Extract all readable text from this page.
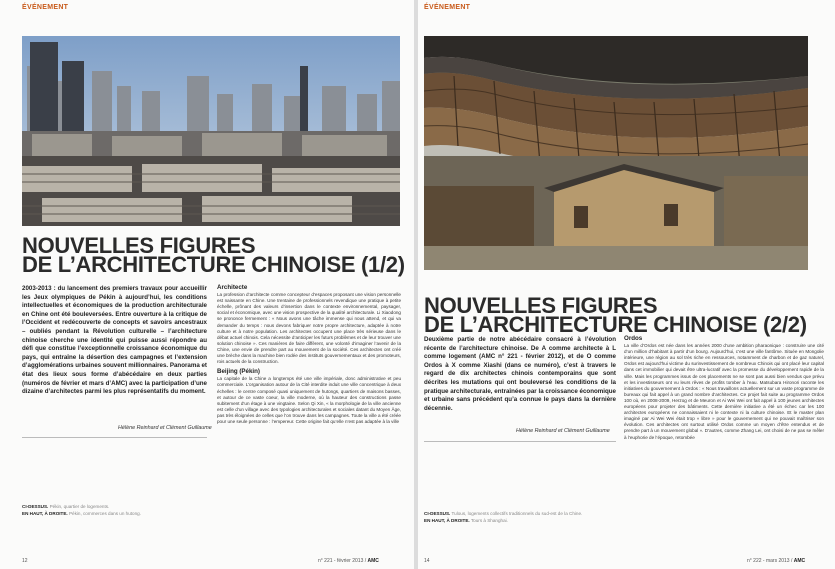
ÉVÉNEMENT
NOUVELLES FIGURES
DE L’ARCHITECTURE CHINOISE (1/2)
2003-2013 : du lancement des premiers travaux pour accueillir les Jeux olympiques de Pékin à aujourd’hui, les conditions intellectuelles et économiques de la production architecturale en Chine ont été bouleversées. Entre ouverture à la critique de l’Occident et redécouverte de concepts et savoirs ancestraux – oubliés pendant la Révolution culturelle – l’architecture chinoise cherche une identité qui puisse aussi répondre au défi que constitue l’exceptionnelle croissance économique du pays, qui entraîne la désertion des campagnes et l’extension d’agglomérations urbaines souvent millionnaires. Panorama et état des lieux sous forme d’abécédaire en deux parties (numéros de février et mars d’AMC) avec la participation d’une dizaine d’architectes parmi les plus représentatifs du moment.
Hélène Reinhard et Clément Guillaume
Architecte

La profession d’architecte comme concepteur d’espaces proposant une vision personnelle est naissante en Chine. Une trentaine de professionnels revendique une pratique à petite échelle, prônant des valeurs d’insertion dans le contexte environnemental, paysager, social et économique, avec une vision prospective de la qualité architecturale. Li Xiaodong se prononce fermement : « Nous avons une tâche immense qui nous attend, et qui va demander du temps : nous devons fabriquer notre propre architecture, adaptée à notre culture et à notre population. Les architectes occupent une place très sérieuse dans le débat actuel chinois. Cela nécessite d’anticiper les futurs problèmes et de leur trouver une solution chinoise ». Ces manières de faire diffèrent, une volonté d’imaginer l’avenir de la Chine, une envie de prendre part au mouvement de la société. Ces architectes ont créé une brèche dans la machine bien rodée des instituts gouvernementaux et des promoteurs, rois actuels de la construction.

Beijing (Pékin)

La capitale de la Chine a longtemps été une ville impériale, donc administrative et peu commerciale. L’organisation autour de la Cité interdite induit une ville concentrique à deux échelles : le centre composé quasi uniquement de hutongs, quartiers de maisons basses, et autour de ce vaste coeur, la ville moderne, où la hauteur des constructions passe subitement d’un étage à une vingtaine. Selon Qi Xin, « la morphologie de la ville ancienne est celle d’un village avec des typologies architecturales et sociales datant du Moyen Âge, pas très éloignées de celles que l’on trouve dans les campagnes. Toute la ville a été créée pour une seule personne : l’empereur. Cette origine fait qu’elle n’est pas adaptée à la ville

CI-DESSUS. Pékin, quartier de logements.
EN HAUT, À DROITE. Pékin, commerces dans un hutong.
12	n° 221 - février 2013 / AMC
ÉVÉNEMENT
NOUVELLES FIGURES
DE L’ARCHITECTURE CHINOISE (2/2)
Deuxième partie de notre abécédaire consacré à l’évolution récente de l’architecture chinoise. De A comme architecte à L comme logement (AMC n° 221 - février 2012), et de O comme Ordos à X comme Xiashi (dans ce numéro), c’est à travers le regard de dix architectes chinois contemporains que sont décrites les mutations qui ont bouleversé les conditions de la pratique architecturale, entraînées par la croissance économique et urbaine sans précédent qu’a connue le pays dans la dernière décennie.
Hélène Reinhard et Clément Guillaume
Ordos

La ville d’Ordos est née dans les années 2000 d’une ambition pharaonique : construire une cité d’un million d’habitant à partir d’un bourg. Aujourd’hui, c’est une ville fantôme. Située en Mongolie intérieure, une région au sol très riche en ressources, notamment de charbon et de gaz naturel, Ordos est aujourd’hui victime du surinvestissement de nombreux Chinois qui ont placé leur capital dans cet immobilier qui devait être ultra-lucratif avec la promesse du développement rapide de la ville. Mais les programmes issus de ces placements ne se sont pas aussi bien vendus que prévu et les investisseurs ont vu leurs rêves de profits tomber à l’eau. Matsubara Hironori raconte les initiatives du gouvernement à Ordos : « Nous travaillons actuellement sur un vaste programme de bureaux qui fait appel à un grand nombre d’architectes. Ce projet fait suite au programme Ordos 100 où, en 2008-2009, Herzog et de Meuron et Ai Wei Wei ont fait appel à 100 jeunes architectes européens pour projeter des bâtiments. Cette dernière initiative a été un échec car les 100 architectes européens ne connaissaient ni le contexte ni la culture chinoise. Et le master plan imaginé par Ai Wei Wei était trop « libre » pour le gouvernement qui ne pouvait maîtriser son évolution. Ces architectes ont surtout utilisé Ordos comme un moyen d’être entendus et de prendre part à un mouvement global ». D’autres, comme Zhang Lei, ont choisi de ne pas se mêler à l’euphorie de l’époque, retombée

CI-DESSUS. Tulous, logements collectifs traditionnels du sud-est de la Chine.
EN HAUT, À DROITE. Tours à Shanghai.
14	n° 222 - mars 2013 / AMC
